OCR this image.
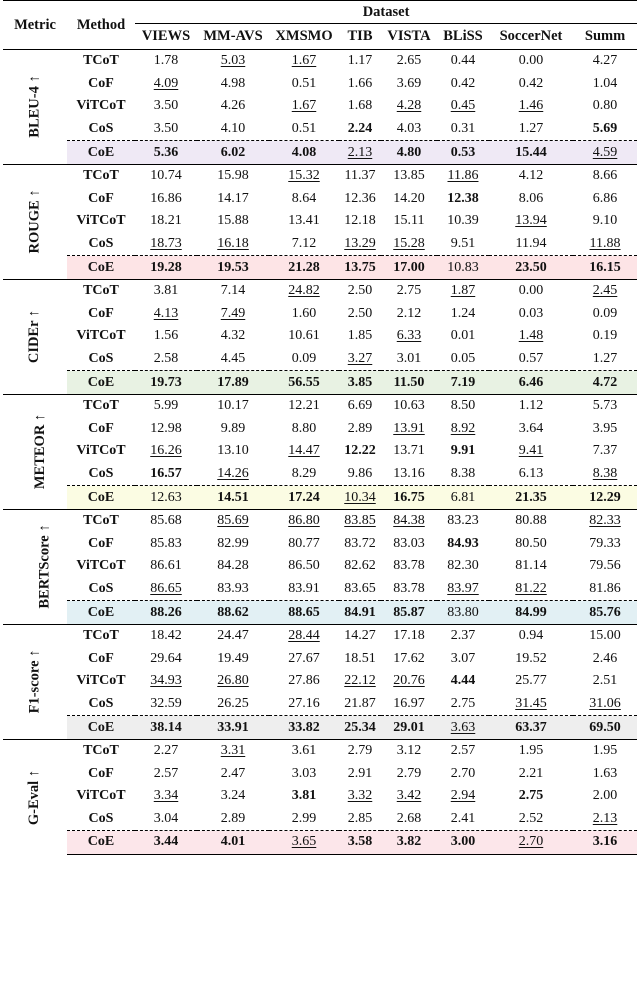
Metric	Method	Dataset							
		VIEWS	MM-AVS	XMSMO	TIB	VISTA	BLiSS	SoccerNet	Summ
BLEU-4 ↑	TCoT	1.78	5.03	1.67	1.17	2.65	0.44	0.00	4.27
	CoF	4.09	4.98	0.51	1.66	3.69	0.42	0.42	1.04
	ViTCoT	3.50	4.26	1.67	1.68	4.28	0.45	1.46	0.80
	CoS	3.50	4.10	0.51	2.24	4.03	0.31	1.27	5.69
	CoE	5.36	6.02	4.08	2.13	4.80	0.53	15.44	4.59
ROUGE ↑	TCoT	10.74	15.98	15.32	11.37	13.85	11.86	4.12	8.66
	CoF	16.86	14.17	8.64	12.36	14.20	12.38	8.06	6.86
	ViTCoT	18.21	15.88	13.41	12.18	15.11	10.39	13.94	9.10
	CoS	18.73	16.18	7.12	13.29	15.28	9.51	11.94	11.88
	CoE	19.28	19.53	21.28	13.75	17.00	10.83	23.50	16.15
CIDEr ↑	TCoT	3.81	7.14	24.82	2.50	2.75	1.87	0.00	2.45
	CoF	4.13	7.49	1.60	2.50	2.12	1.24	0.03	0.09
	ViTCoT	1.56	4.32	10.61	1.85	6.33	0.01	1.48	0.19
	CoS	2.58	4.45	0.09	3.27	3.01	0.05	0.57	1.27
	CoE	19.73	17.89	56.55	3.85	11.50	7.19	6.46	4.72
METEOR ↑	TCoT	5.99	10.17	12.21	6.69	10.63	8.50	1.12	5.73
	CoF	12.98	9.89	8.80	2.89	13.91	8.92	3.64	3.95
	ViTCoT	16.26	13.10	14.47	12.22	13.71	9.91	9.41	7.37
	CoS	16.57	14.26	8.29	9.86	13.16	8.38	6.13	8.38
	CoE	12.63	14.51	17.24	10.34	16.75	6.81	21.35	12.29
BERTScore ↑	TCoT	85.68	85.69	86.80	83.85	84.38	83.23	80.88	82.33
	CoF	85.83	82.99	80.77	83.72	83.03	84.93	80.50	79.33
	ViTCoT	86.61	84.28	86.50	82.62	83.78	82.30	81.14	79.56
	CoS	86.65	83.93	83.91	83.65	83.78	83.97	81.22	81.86
	CoE	88.26	88.62	88.65	84.91	85.87	83.80	84.99	85.76
F1-score ↑	TCoT	18.42	24.47	28.44	14.27	17.18	2.37	0.94	15.00
	CoF	29.64	19.49	27.67	18.51	17.62	3.07	19.52	2.46
	ViTCoT	34.93	26.80	27.86	22.12	20.76	4.44	25.77	2.51
	CoS	32.59	26.25	27.16	21.87	16.97	2.75	31.45	31.06
	CoE	38.14	33.91	33.82	25.34	29.01	3.63	63.37	69.50
G-Eval ↑	TCoT	2.27	3.31	3.61	2.79	3.12	2.57	1.95	1.95
	CoF	2.57	2.47	3.03	2.91	2.79	2.70	2.21	1.63
	ViTCoT	3.34	3.24	3.81	3.32	3.42	2.94	2.75	2.00
	CoS	3.04	2.89	2.99	2.85	2.68	2.41	2.52	2.13
	CoE	3.44	4.01	3.65	3.58	3.82	3.00	2.70	3.16
